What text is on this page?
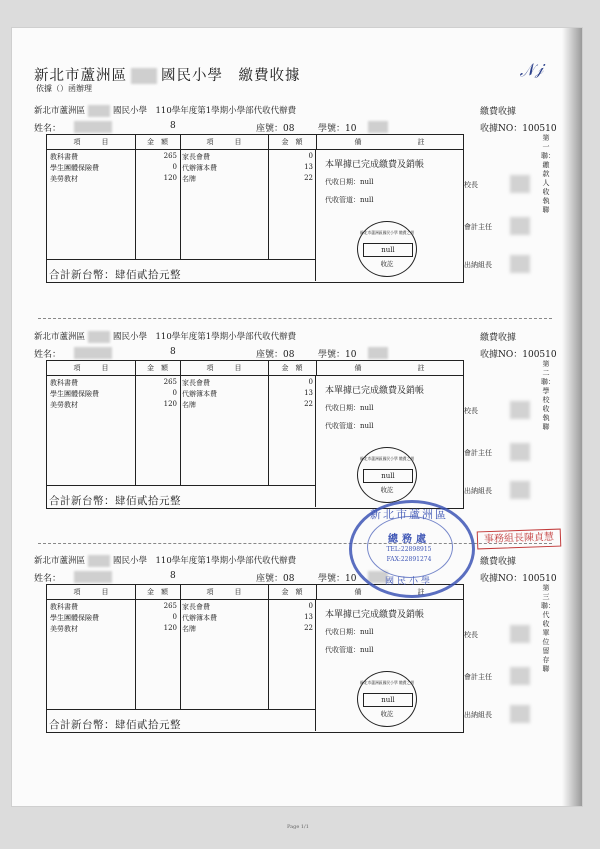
新北市蘆洲區 國民小學　繳費收據
依據（）函辦理
𝒩𝒿
新北市蘆洲區	國民小學　110學年度第1學期小學部代收代辦費	繳費收據
收據NO：100510
姓名：	8	座號：08	學號：10
項　　　目	金　額	項　　　目	金　額	備　　　　　　　　註
教科書費	265
學生團體保險費	0
美勞教材	120
家長會費	0
代辦簿本費	13
名牌	22
本單據已完成繳費及銷帳
代收日期：null
代收管道：null
新北市蘆洲區國民小學 繳費之用
null
收訖
合計新台幣：肆佰貳拾元整
校長
會計主任
出納組長
第一聯：繳款人收執聯
新北市蘆洲區	國民小學　110學年度第1學期小學部代收代辦費	繳費收據
收據NO：100510
姓名：	8	座號：08	學號：10
項　　　目	金　額	項　　　目	金　額	備　　　　　　　　註
教科書費	265
學生團體保險費	0
美勞教材	120
家長會費	0
代辦簿本費	13
名牌	22
本單據已完成繳費及銷帳
代收日期：null
代收管道：null
新北市蘆洲區國民小學 繳費之用
null
收訖
合計新台幣：肆佰貳拾元整
校長
會計主任
出納組長
第二聯：學校收執聯
新北市蘆洲區	國民小學　110學年度第1學期小學部代收代辦費	繳費收據
收據NO：100510
姓名：	8	座號：08	學號：10
項　　　目	金　額	項　　　目	金　額	備　　　　　　　　註
教科書費	265
學生團體保險費	0
美勞教材	120
家長會費	0
代辦簿本費	13
名牌	22
本單據已完成繳費及銷帳
代收日期：null
代收管道：null
新北市蘆洲區國民小學 繳費之用
null
收訖
合計新台幣：肆佰貳拾元整
校長
會計主任
出納組長
第三聯：代收單位留存聯
新北市蘆洲區
總務處
TEL:22898915
FAX:22891274
國民小學
事務組長陳貞慧
Page 1/1
